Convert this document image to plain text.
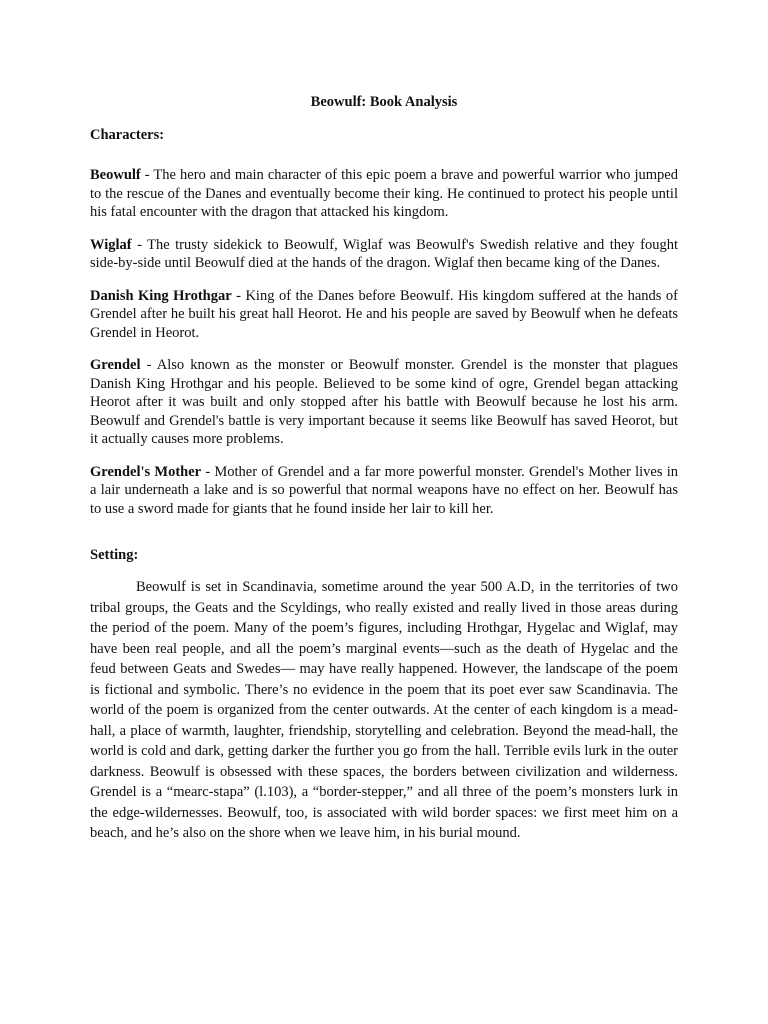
Beowulf: Book Analysis
Characters:

Beowulf - The hero and main character of this epic poem a brave and powerful warrior who jumped to the rescue of the Danes and eventually become their king. He continued to protect his people until his fatal encounter with the dragon that attacked his kingdom.

Wiglaf - The trusty sidekick to Beowulf, Wiglaf was Beowulf's Swedish relative and they fought side-by-side until Beowulf died at the hands of the dragon. Wiglaf then became king of the Danes.

Danish King Hrothgar - King of the Danes before Beowulf. His kingdom suffered at the hands of Grendel after he built his great hall Heorot. He and his people are saved by Beowulf when he defeats Grendel in Heorot.

Grendel - Also known as the monster or Beowulf monster. Grendel is the monster that plagues Danish King Hrothgar and his people. Believed to be some kind of ogre, Grendel began attacking Heorot after it was built and only stopped after his battle with Beowulf because he lost his arm. Beowulf and Grendel's battle is very important because it seems like Beowulf has saved Heorot, but it actually causes more problems.

Grendel's Mother - Mother of Grendel and a far more powerful monster. Grendel's Mother lives in a lair underneath a lake and is so powerful that normal weapons have no effect on her. Beowulf has to use a sword made for giants that he found inside her lair to kill her.

Setting:

Beowulf is set in Scandinavia, sometime around the year 500 A.D, in the territories of two tribal groups, the Geats and the Scyldings, who really existed and really lived in those areas during the period of the poem. Many of the poem’s figures, including Hrothgar, Hygelac and Wiglaf, may have been real people, and all the poem’s marginal events—such as the death of Hygelac and the feud between Geats and Swedes— may have really happened. However, the landscape of the poem is fictional and symbolic. There’s no evidence in the poem that its poet ever saw Scandinavia. The world of the poem is organized from the center outwards. At the center of each kingdom is a mead-hall, a place of warmth, laughter, friendship, storytelling and celebration. Beyond the mead-hall, the world is cold and dark, getting darker the further you go from the hall. Terrible evils lurk in the outer darkness. Beowulf is obsessed with these spaces, the borders between civilization and wilderness. Grendel is a “mearc-stapa” (l.103), a “border-stepper,” and all three of the poem’s monsters lurk in the edge-wildernesses. Beowulf, too, is associated with wild border spaces: we first meet him on a beach, and he’s also on the shore when we leave him, in his burial mound.
